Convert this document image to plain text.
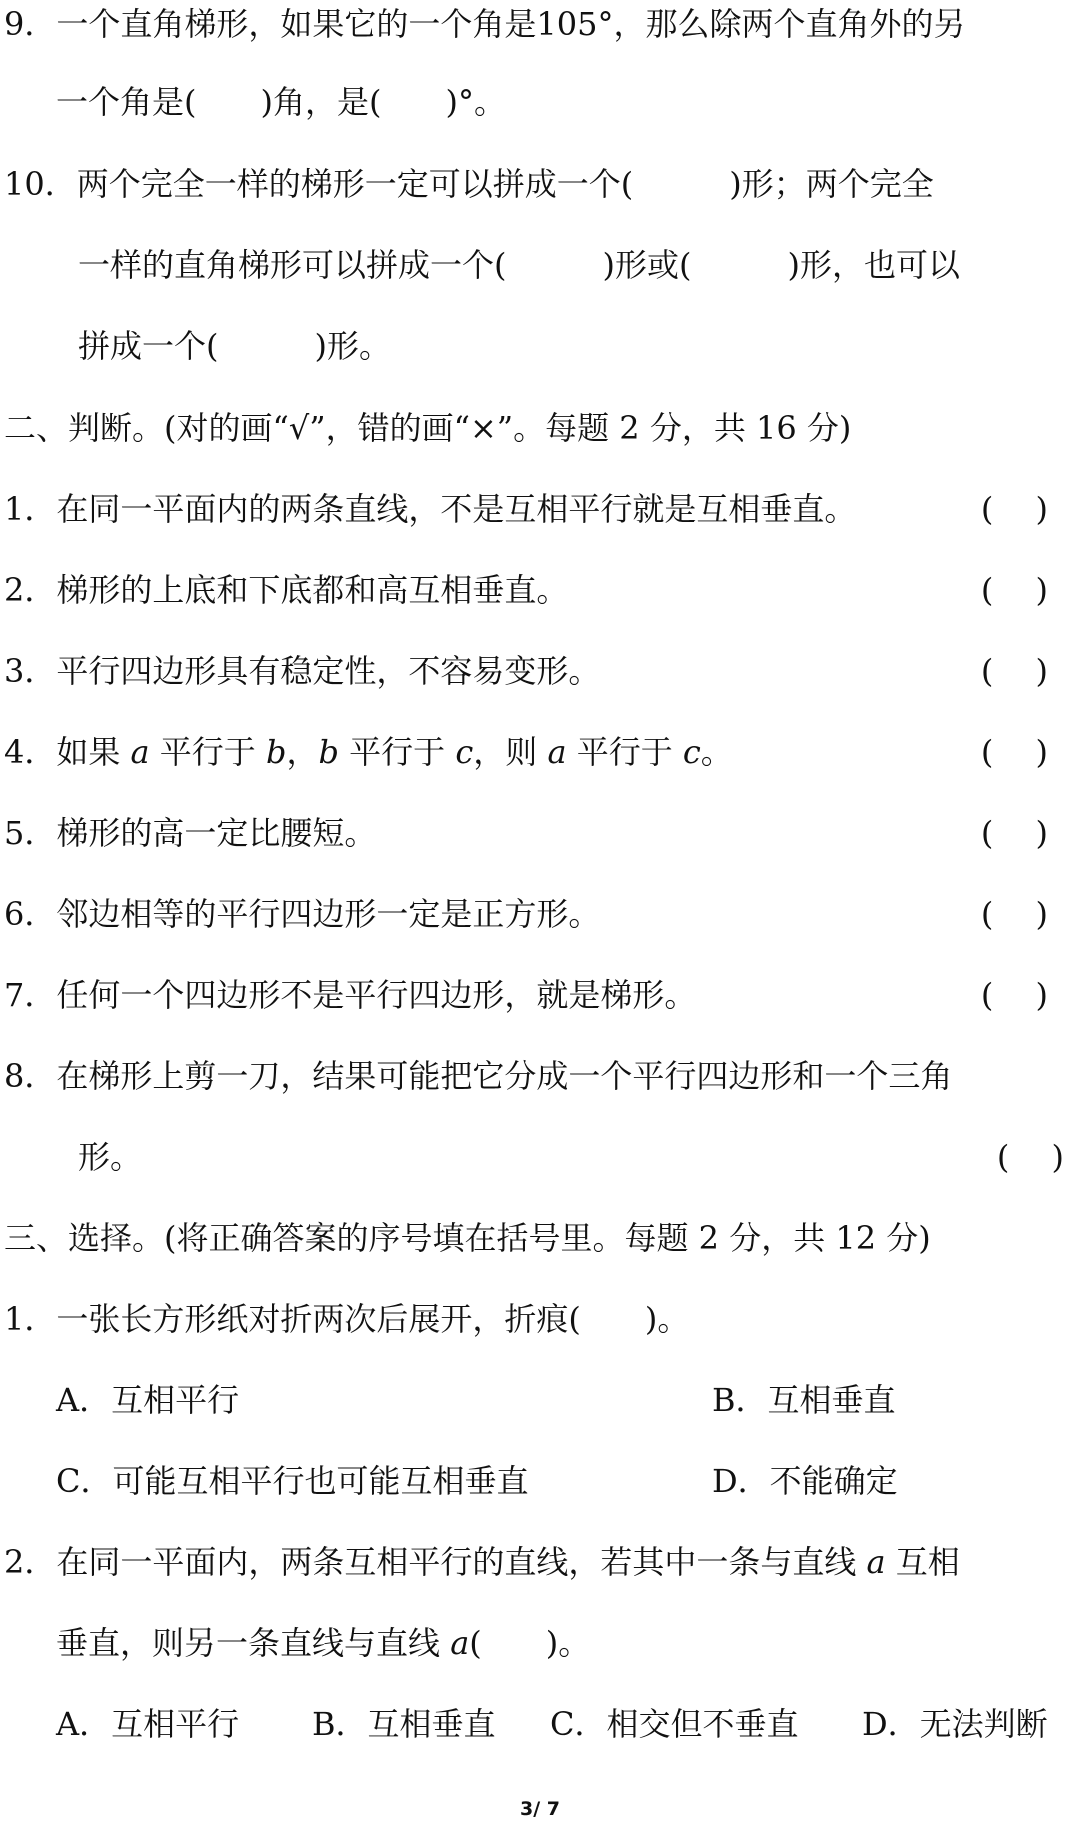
9．一个直角梯形，如果它的一个角是105°，那么除两个直角外的另
一个角是(　　)角，是(　　)°。
10．两个完全一样的梯形一定可以拼成一个(　　　)形；两个完全
一样的直角梯形可以拼成一个(　　　)形或(　　　)形，也可以
拼成一个(　　　)形。
二、判断。(对的画“√”，错的画“×”。每题 2 分，共 16 分)
1．在同一平面内的两条直线，不是互相平行就是互相垂直。	(　 )
2．梯形的上底和下底都和高互相垂直。	(　 )
3．平行四边形具有稳定性，不容易变形。	(　 )
4．如果 a 平行于 b，b 平行于 c，则 a 平行于 c。	(　 )
5．梯形的高一定比腰短。	(　 )
6．邻边相等的平行四边形一定是正方形。	(　 )
7．任何一个四边形不是平行四边形，就是梯形。	(　 )
8．在梯形上剪一刀，结果可能把它分成一个平行四边形和一个三角
形。	(　 )
三、选择。(将正确答案的序号填在括号里。每题 2 分，共 12 分)
1．一张长方形纸对折两次后展开，折痕(　　)。
A．互相平行	B．互相垂直
C．可能互相平行也可能互相垂直	D．不能确定
2．在同一平面内，两条互相平行的直线，若其中一条与直线 a 互相
垂直，则另一条直线与直线 a(　　)。
A．互相平行 B．互相垂直 C．相交但不垂直 D．无法判断
3/ 7
